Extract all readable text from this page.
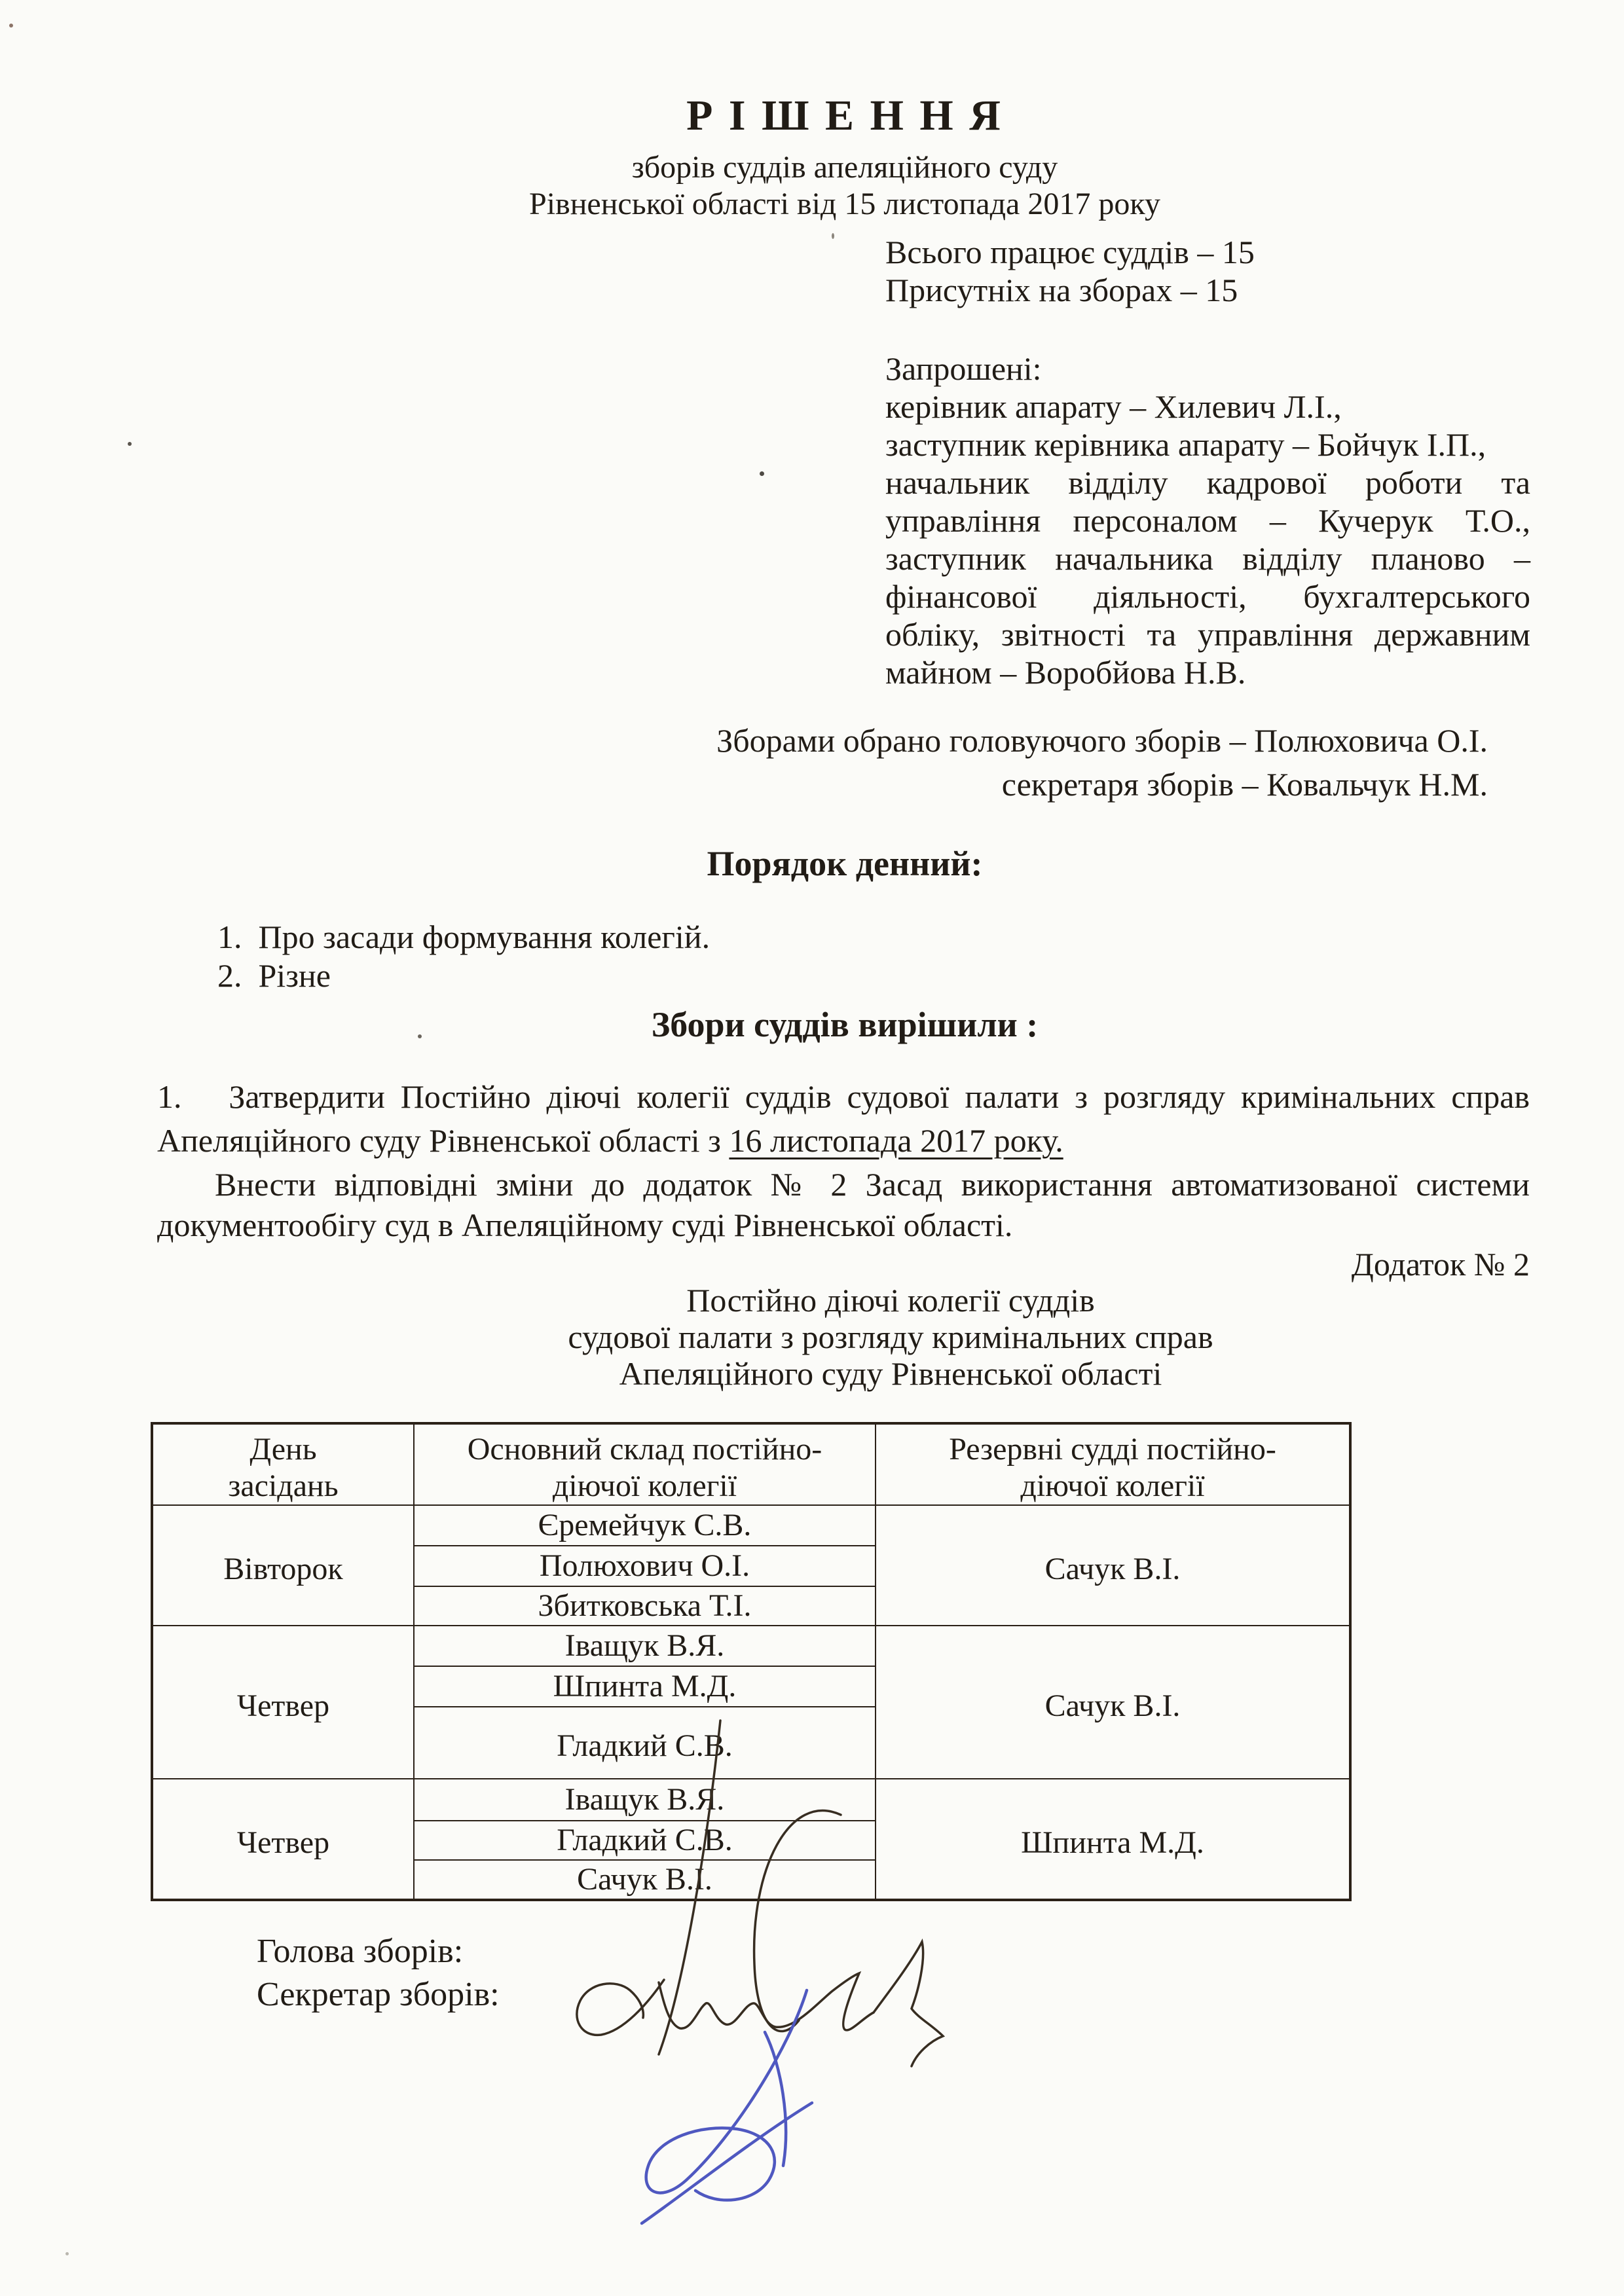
Р І Ш Е Н Н Я
зборів суддів апеляційного суду
Рівненської області від 15 листопада 2017 року
Всього працює суддів – 15
Присутніх на зборах – 15
Запрошені:
керівник апарату – Хилевич Л.І.,
заступник керівника апарату – Бойчук І.П.,
начальник відділу кадрової роботи та
управління персоналом – Кучерук Т.О.,
заступник начальника відділу планово –
фінансової діяльності, бухгалтерського
обліку, звітності та управління державним
майном – Воробйова Н.В.
Зборами обрано головуючого зборів – Полюховича О.І.
секретаря зборів – Ковальчук Н.М.
Порядок денний:
1.  Про засади формування колегій.
2.  Різне
Збори суддів вирішили :
1.   Затвердити Постійно діючі колегії суддів судової палати з розгляду кримінальних справ
Апеляційного суду Рівненської області з 16 листопада 2017 року.
Внести відповідні зміни до додаток № 2 Засад використання автоматизованої системи
документообігу суд в Апеляційному суді Рівненської області.
Додаток № 2
Постійно діючі колегії суддів
судової палати з розгляду кримінальних справ
Апеляційного суду Рівненської області
День засідань	Основний склад постійно-діючої колегії	Резервні судді постійно-діючої колегії
Вівторок	Єремейчук С.В.	Сачук В.І.
	Полюхович О.І.	
	Збитковська Т.І.	
Четвер	Іващук В.Я.	Сачук В.І.
	Шпинта М.Д.	
	Гладкий С.В.	
Четвер	Іващук В.Я.	Шпинта М.Д.
	Гладкий С.В.	
	Сачук В.І.	
Голова зборів:
Секретар зборів:
